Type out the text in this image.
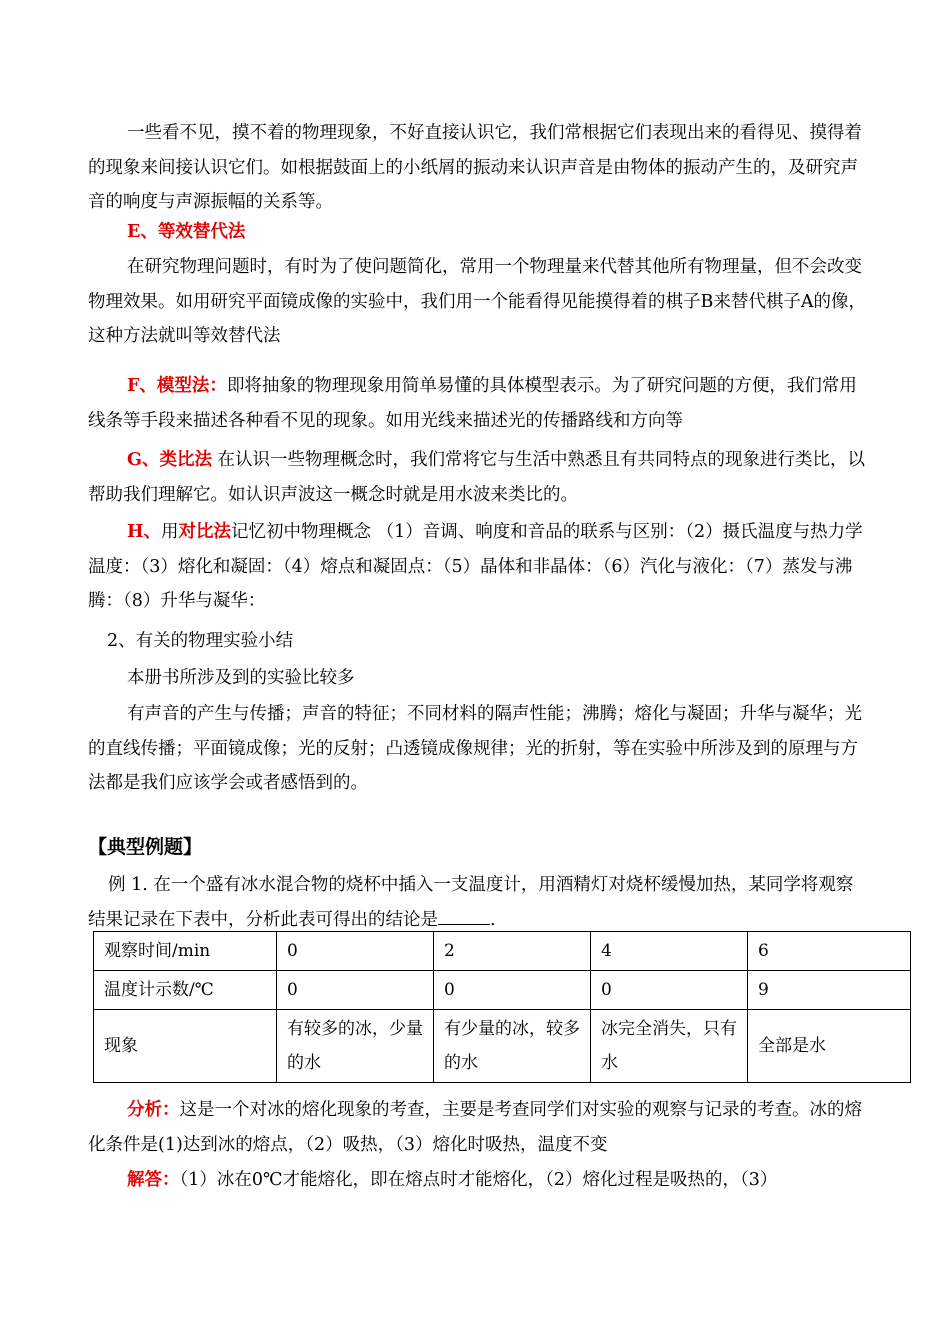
一些看不见，摸不着的物理现象，不好直接认识它，我们常根据它们表现出来的看得见、摸得着的现象来间接认识它们。如根据鼓面上的小纸屑的振动来认识声音是由物体的振动产生的，及研究声音的响度与声源振幅的关系等。
E、等效替代法
在研究物理问题时，有时为了使问题简化，常用一个物理量来代替其他所有物理量，但不会改变物理效果。如用研究平面镜成像的实验中，我们用一个能看得见能摸得着的棋子B来替代棋子A的像，这种方法就叫等效替代法
F、模型法：即将抽象的物理现象用简单易懂的具体模型表示。为了研究问题的方便，我们常用线条等手段来描述各种看不见的现象。如用光线来描述光的传播路线和方向等
G、类比法 在认识一些物理概念时，我们常将它与生活中熟悉且有共同特点的现象进行类比，以帮助我们理解它。如认识声波这一概念时就是用水波来类比的。
H、用对比法记忆初中物理概念 （1）音调、响度和音品的联系与区别：（2）摄氏温度与热力学温度：（3）熔化和凝固：（4）熔点和凝固点：（5）晶体和非晶体：（6）汽化与液化：（7）蒸发与沸腾：（8）升华与凝华：
2、有关的物理实验小结
本册书所涉及到的实验比较多
有声音的产生与传播；声音的特征；不同材料的隔声性能；沸腾；熔化与凝固；升华与凝华；光的直线传播；平面镜成像；光的反射；凸透镜成像规律；光的折射，等在实验中所涉及到的原理与方法都是我们应该学会或者感悟到的。
【典型例题】
例 1. 在一个盛有冰水混合物的烧杯中插入一支温度计，用酒精灯对烧杯缓慢加热，某同学将观察结果记录在下表中，分析此表可得出的结论是	.
观察时间/min	0	2	4	6
温度计示数/℃	0	0	0	9
现象	有较多的冰，少量的水	有少量的冰，较多的水	冰完全消失，只有水	全部是水
分析：这是一个对冰的熔化现象的考查，主要是考查同学们对实验的观察与记录的考查。冰的熔化条件是(1)达到冰的熔点，（2）吸热，（3）熔化时吸热，温度不变
解答：（1）冰在0℃才能熔化，即在熔点时才能熔化，（2）熔化过程是吸热的，（3）
